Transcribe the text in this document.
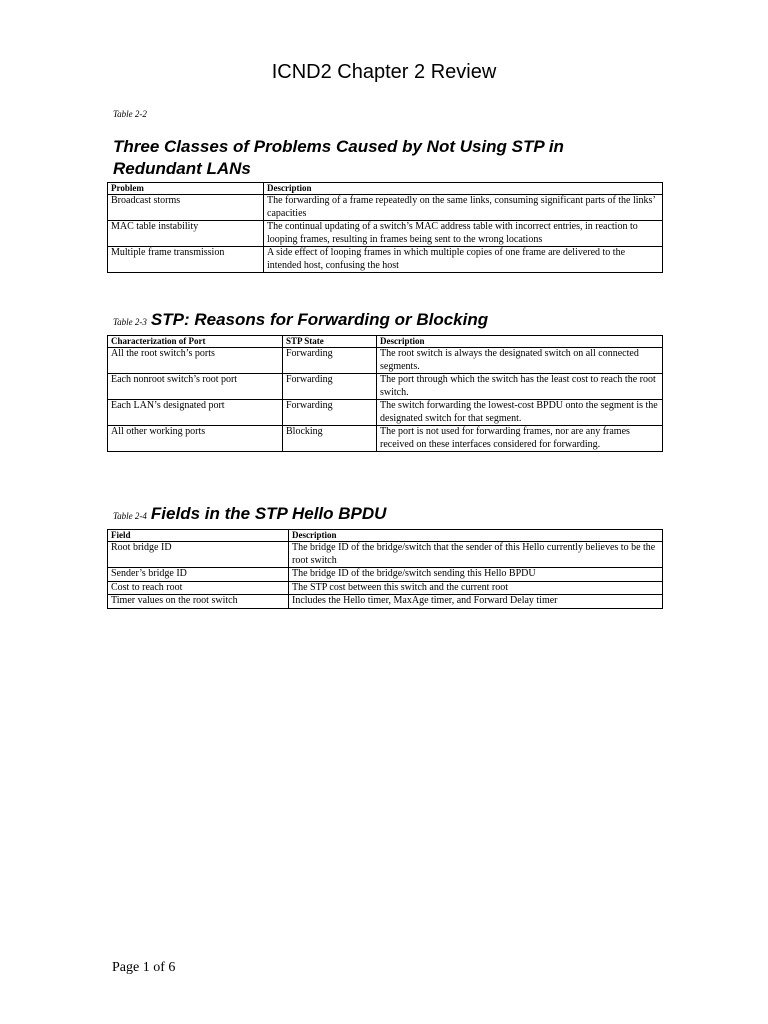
ICND2 Chapter 2 Review
Table 2-2
Three Classes of Problems Caused by Not Using STP in Redundant LANs
Problem	Description
Broadcast storms	The forwarding of a frame repeatedly on the same links, consuming significant parts of the links’ capacities
MAC table instability	The continual updating of a switch’s MAC address table with incorrect entries, in reaction to looping frames, resulting in frames being sent to the wrong locations
Multiple frame transmission	A side effect of looping frames in which multiple copies of one frame are delivered to the intended host, confusing the host
Table 2-3 STP: Reasons for Forwarding or Blocking
Characterization of Port	STP State	Description
All the root switch’s ports	Forwarding	The root switch is always the designated switch on all connected segments.
Each nonroot switch’s root port	Forwarding	The port through which the switch has the least cost to reach the root switch.
Each LAN’s designated port	Forwarding	The switch forwarding the lowest-cost BPDU onto the segment is the designated switch for that segment.
All other working ports	Blocking	The port is not used for forwarding frames, nor are any frames received on these interfaces considered for forwarding.
Table 2-4 Fields in the STP Hello BPDU
Field	Description
Root bridge ID	The bridge ID of the bridge/switch that the sender of this Hello currently believes to be the root switch
Sender’s bridge ID	The bridge ID of the bridge/switch sending this Hello BPDU
Cost to reach root	The STP cost between this switch and the current root
Timer values on the root switch	Includes the Hello timer, MaxAge timer, and Forward Delay timer
Page 1 of 6
